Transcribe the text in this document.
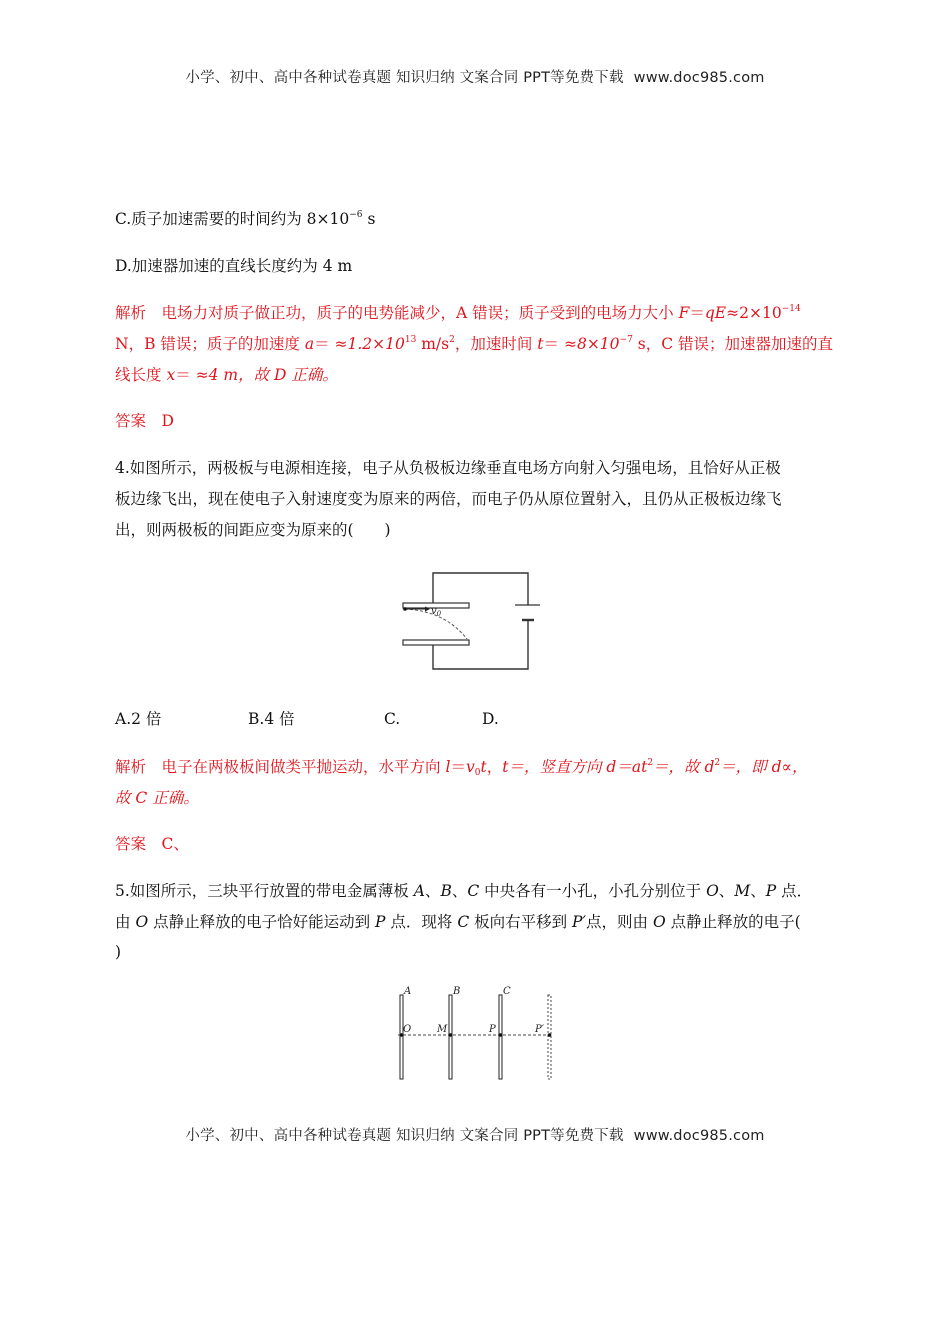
小学、初中、高中各种试卷真题 知识归纳 文案合同 PPT等免费下载 www.doc985.com
C.质子加速需要的时间约为 $8\times 10^{-6}$ s
D.加速器加速的直线长度约为 4 m
解析　 电场力对质子做正功，质子的电势能减少，A 错误；质子受到的电场力大小 $F=qE\approx 2\times 10^{-14}$
N，B 错误；质子的加速度 $a= \approx 1.2\times 10^{13}$ $m/s^2$，加速时间 $t= \approx 8\times 10^{-7}$ s，C 错误；加速器加速的直
线长度 x＝ ≈4 m，故 D 正确。
答案　 D
4.如图所示，两极板与电源相连接，电子从负极板边缘垂直电场方向射入匀强电场，且恰好从正极
板边缘飞出，现在使电子入射速度变为原来的两倍，而电子仍从原位置射入，且仍从正极板边缘飞
出，则两极板的间距应变为原来的(　　)
$v_0$
A.2 倍	B.4 倍	C.	D.
解析　 电子在两极板间做类平抛运动，水平方向 $l=v_0t$，t＝，竖直方向 $d=at^2=$，故 $d^2=$，即 d∝，
故 C 正确。
答案　 C、
5.如图所示，三块平行放置的带电金属薄板 A、B、C 中央各有一小孔，小孔分别位于 O、M、P 点．
由 O 点静止释放的电子恰好能运动到 P 点．现将 C 板向右平移到 P′点，则由 O 点静止释放的电子(
)
A	B	C
O	M	P	P′
小学、初中、高中各种试卷真题 知识归纳 文案合同 PPT等免费下载 www.doc985.com
